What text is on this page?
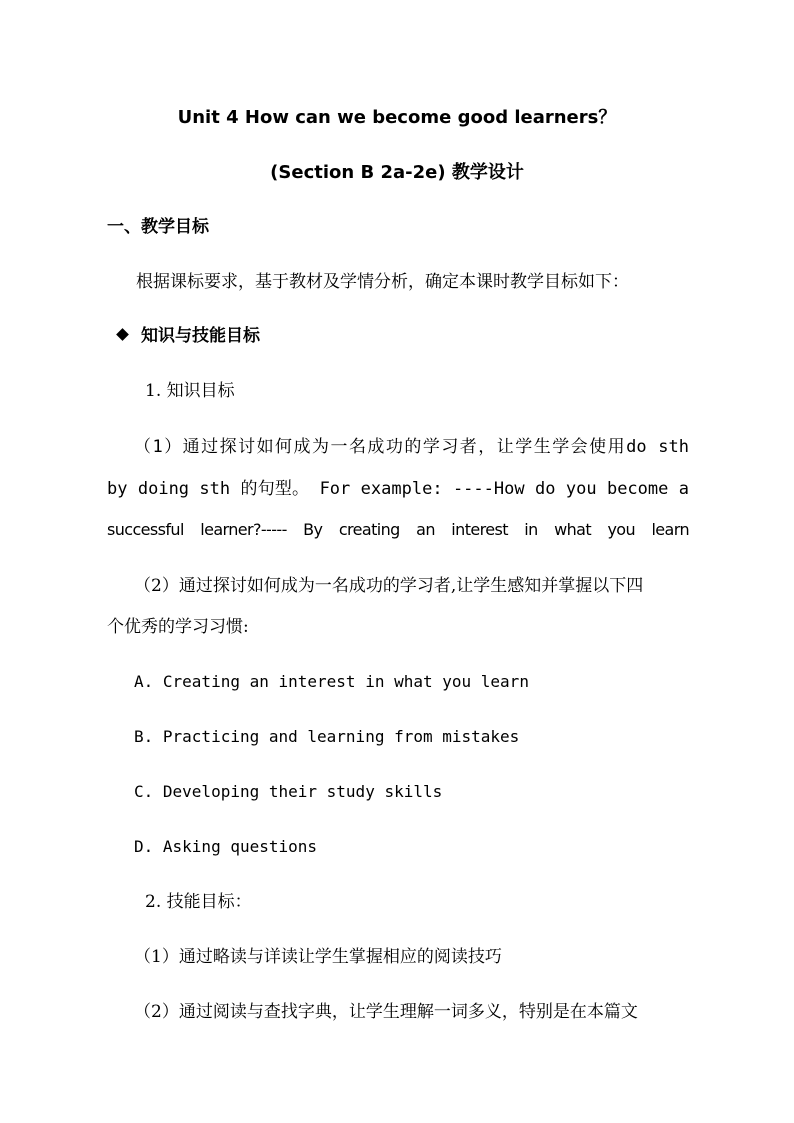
Unit 4 How can we become good learners？
(Section B 2a-2e) 教学设计
一、教学目标
根据课标要求，基于教材及学情分析，确定本课时教学目标如下：
知识与技能目标
1. 知识目标
（1）通过探讨如何成为一名成功的学习者，让学生学会使用do sth
by doing sth 的句型。 For example: ----How do you become a
successful learner?----- By creating an interest in what you learn
（2）通过探讨如何成为一名成功的学习者,让学生感知并掌握以下四
个优秀的学习习惯:
A. Creating an interest in what you learn
B. Practicing and learning from mistakes
C. Developing their study skills
D. Asking questions
2. 技能目标：
（1）通过略读与详读让学生掌握相应的阅读技巧
（2）通过阅读与查找字典，让学生理解一词多义，特别是在本篇文
